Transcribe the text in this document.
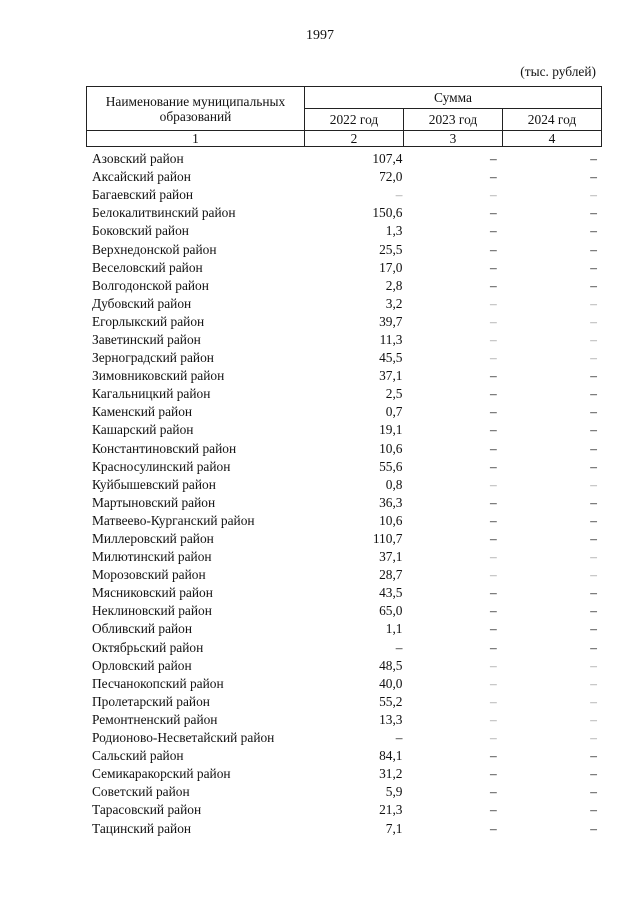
1997
(тыс. рублей)
Наименование муниципальных образований	Сумма		
	2022 год	2023 год	2024 год
1	2	3	4
Азовский район	107,4	–	–
Аксайский район	72,0	–	–
Багаевский район	–	–	–
Белокалитвинский район	150,6	–	–
Боковский район	1,3	–	–
Верхнедонской район	25,5	–	–
Веселовский район	17,0	–	–
Волгодонской район	2,8	–	–
Дубовский район	3,2	–	–
Егорлыкский район	39,7	–	–
Заветинский район	11,3	–	–
Зерноградский район	45,5	–	–
Зимовниковский район	37,1	–	–
Кагальницкий район	2,5	–	–
Каменский район	0,7	–	–
Кашарский район	19,1	–	–
Константиновский район	10,6	–	–
Красносулинский район	55,6	–	–
Куйбышевский район	0,8	–	–
Мартыновский район	36,3	–	–
Матвеево-Курганский район	10,6	–	–
Миллеровский район	110,7	–	–
Милютинский район	37,1	–	–
Морозовский район	28,7	–	–
Мясниковский район	43,5	–	–
Неклиновский район	65,0	–	–
Обливский район	1,1	–	–
Октябрьский район	–	–	–
Орловский район	48,5	–	–
Песчанокопский район	40,0	–	–
Пролетарский район	55,2	–	–
Ремонтненский район	13,3	–	–
Родионово-Несветайский район	–	–	–
Сальский район	84,1	–	–
Семикаракорский район	31,2	–	–
Советский район	5,9	–	–
Тарасовский район	21,3	–	–
Тацинский район	7,1	–	–
